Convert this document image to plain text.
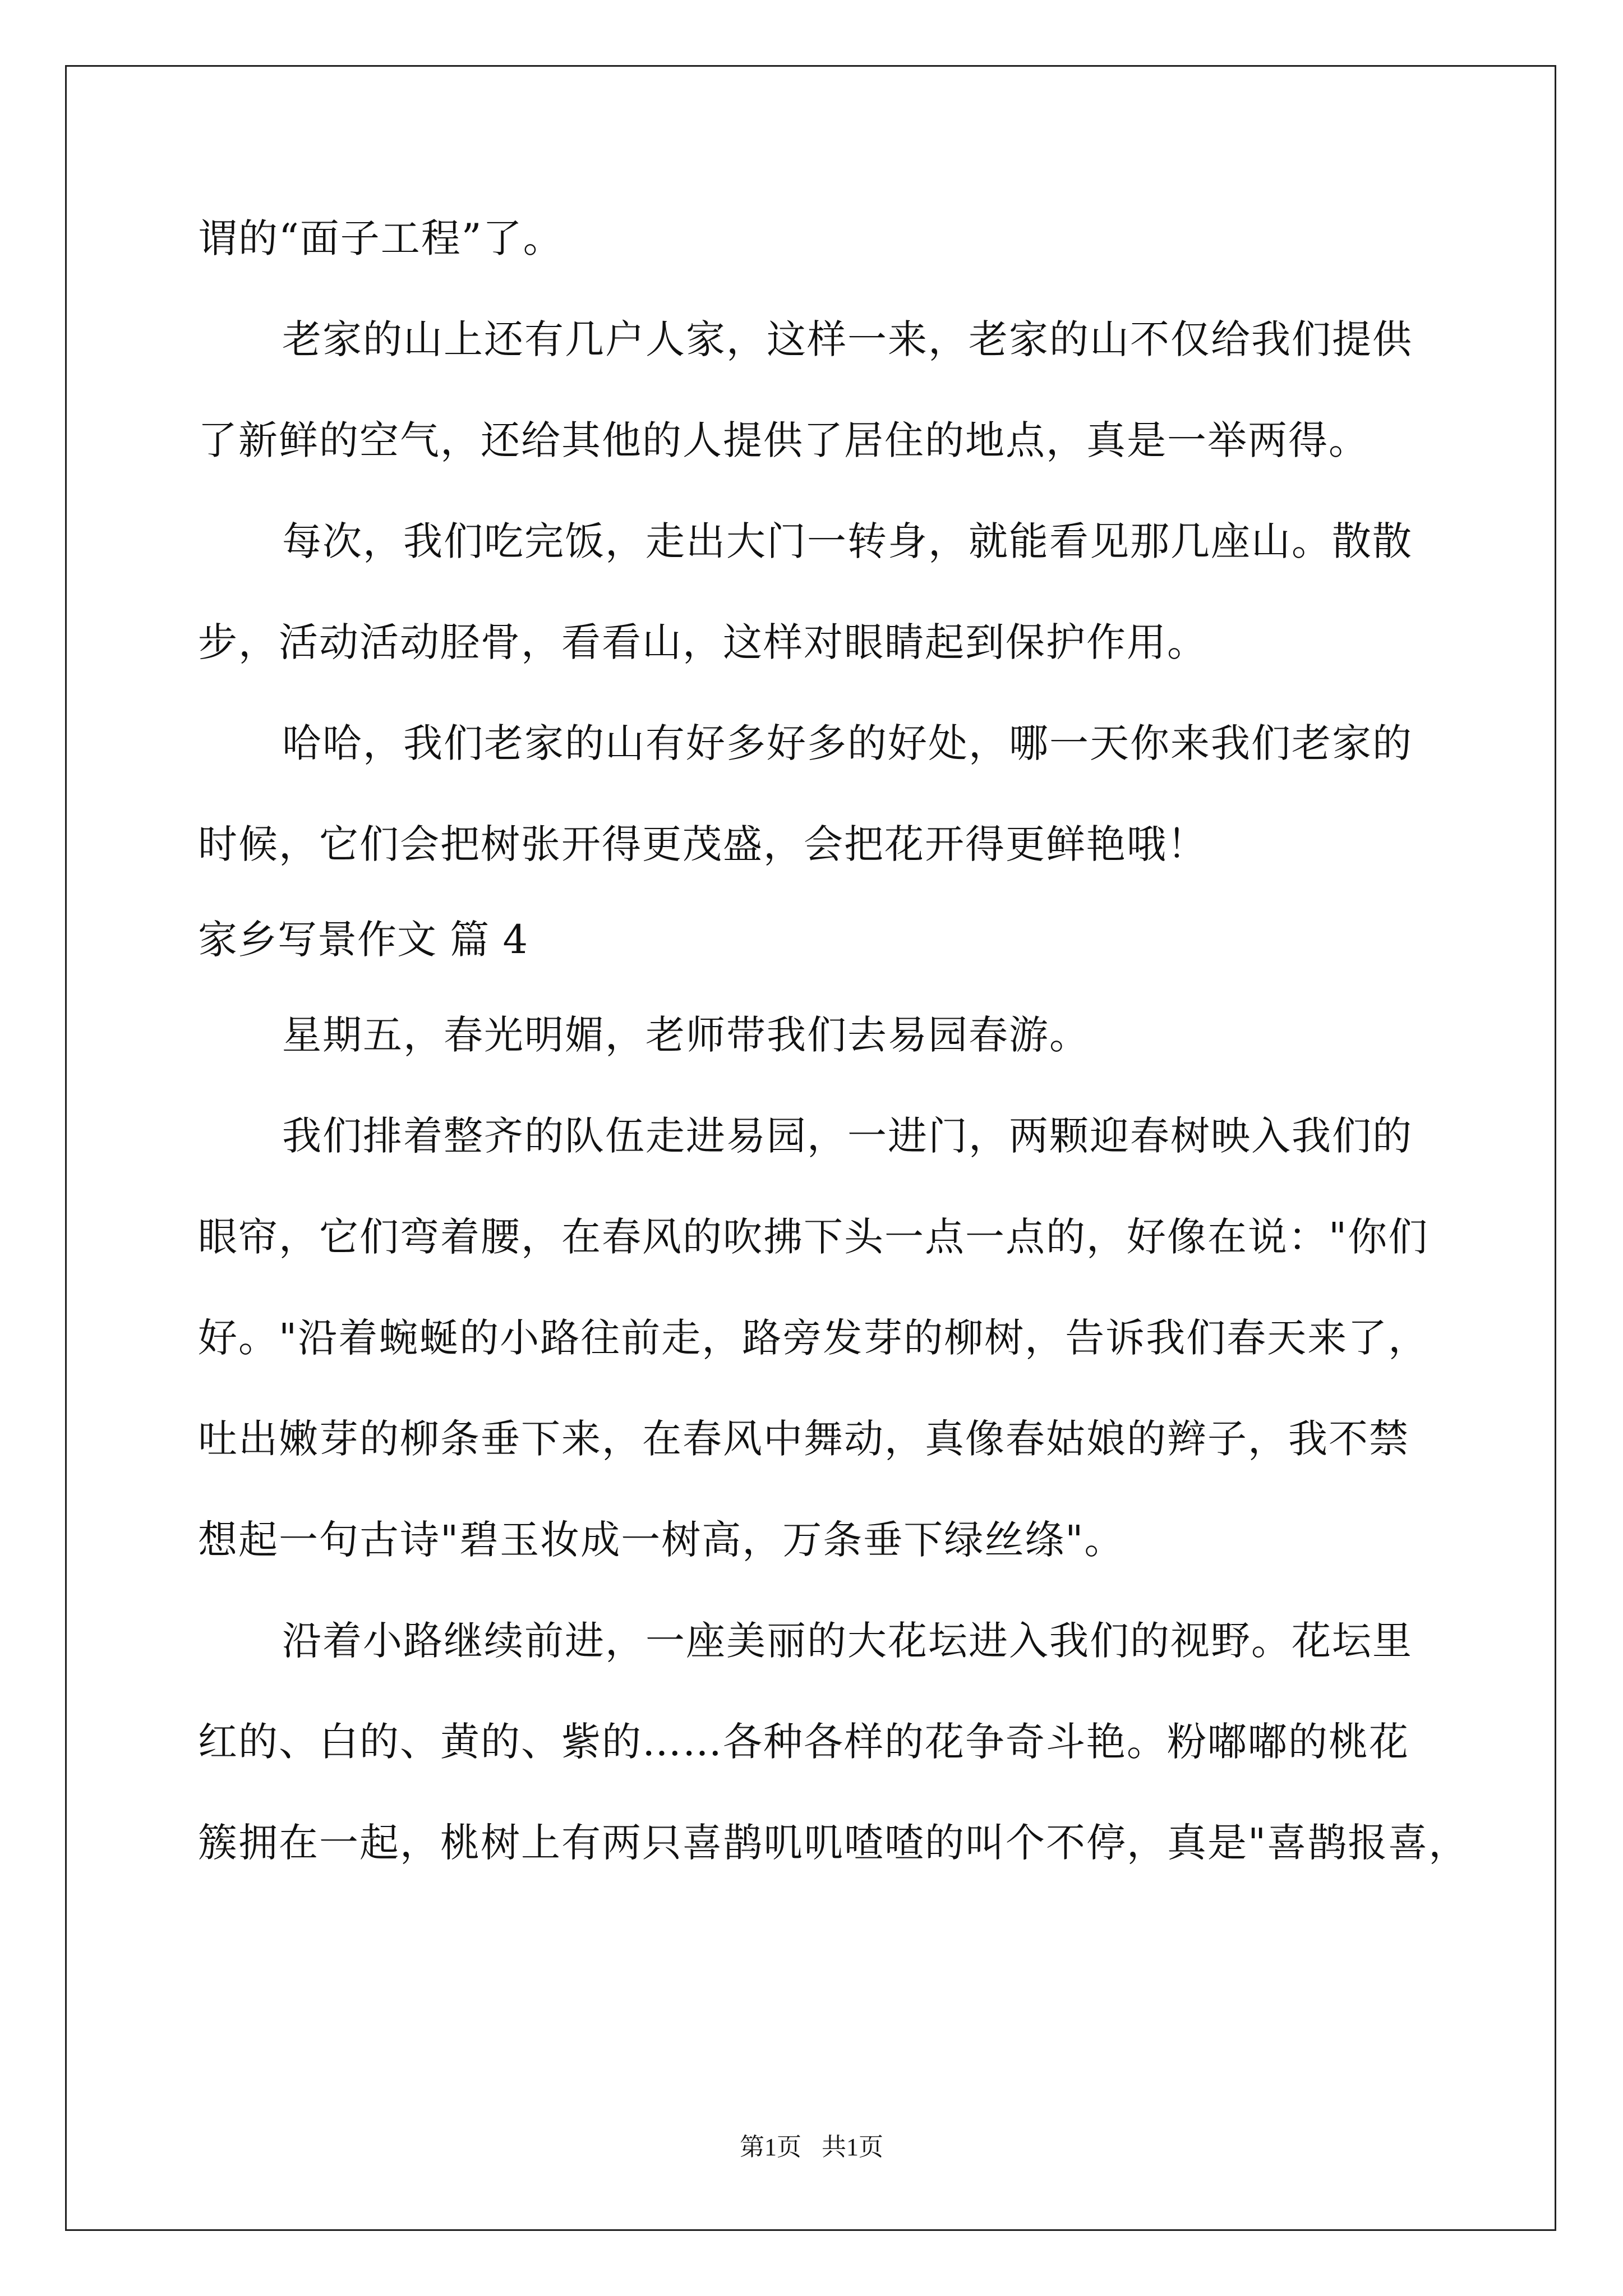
谓的“面子工程”了。
老家的山上还有几户人家，这样一来，老家的山不仅给我们提供
了新鲜的空气，还给其他的人提供了居住的地点，真是一举两得。
每次，我们吃完饭，走出大门一转身，就能看见那几座山。散散
步，活动活动胫骨，看看山，这样对眼睛起到保护作用。
哈哈，我们老家的山有好多好多的好处，哪一天你来我们老家的
时候，它们会把树张开得更茂盛，会把花开得更鲜艳哦！
家乡写景作文 篇 4
星期五，春光明媚，老师带我们去易园春游。
我们排着整齐的队伍走进易园，一进门，两颗迎春树映入我们的
眼帘，它们弯着腰，在春风的吹拂下头一点一点的，好像在说："你们
好。"沿着蜿蜒的小路往前走，路旁发芽的柳树，告诉我们春天来了，
吐出嫩芽的柳条垂下来，在春风中舞动，真像春姑娘的辫子，我不禁
想起一句古诗"碧玉妆成一树高，万条垂下绿丝绦"。
沿着小路继续前进，一座美丽的大花坛进入我们的视野。花坛里
红的、白的、黄的、紫的……各种各样的花争奇斗艳。粉嘟嘟的桃花
簇拥在一起，桃树上有两只喜鹊叽叽喳喳的叫个不停，真是"喜鹊报喜，
第1页 共1页
